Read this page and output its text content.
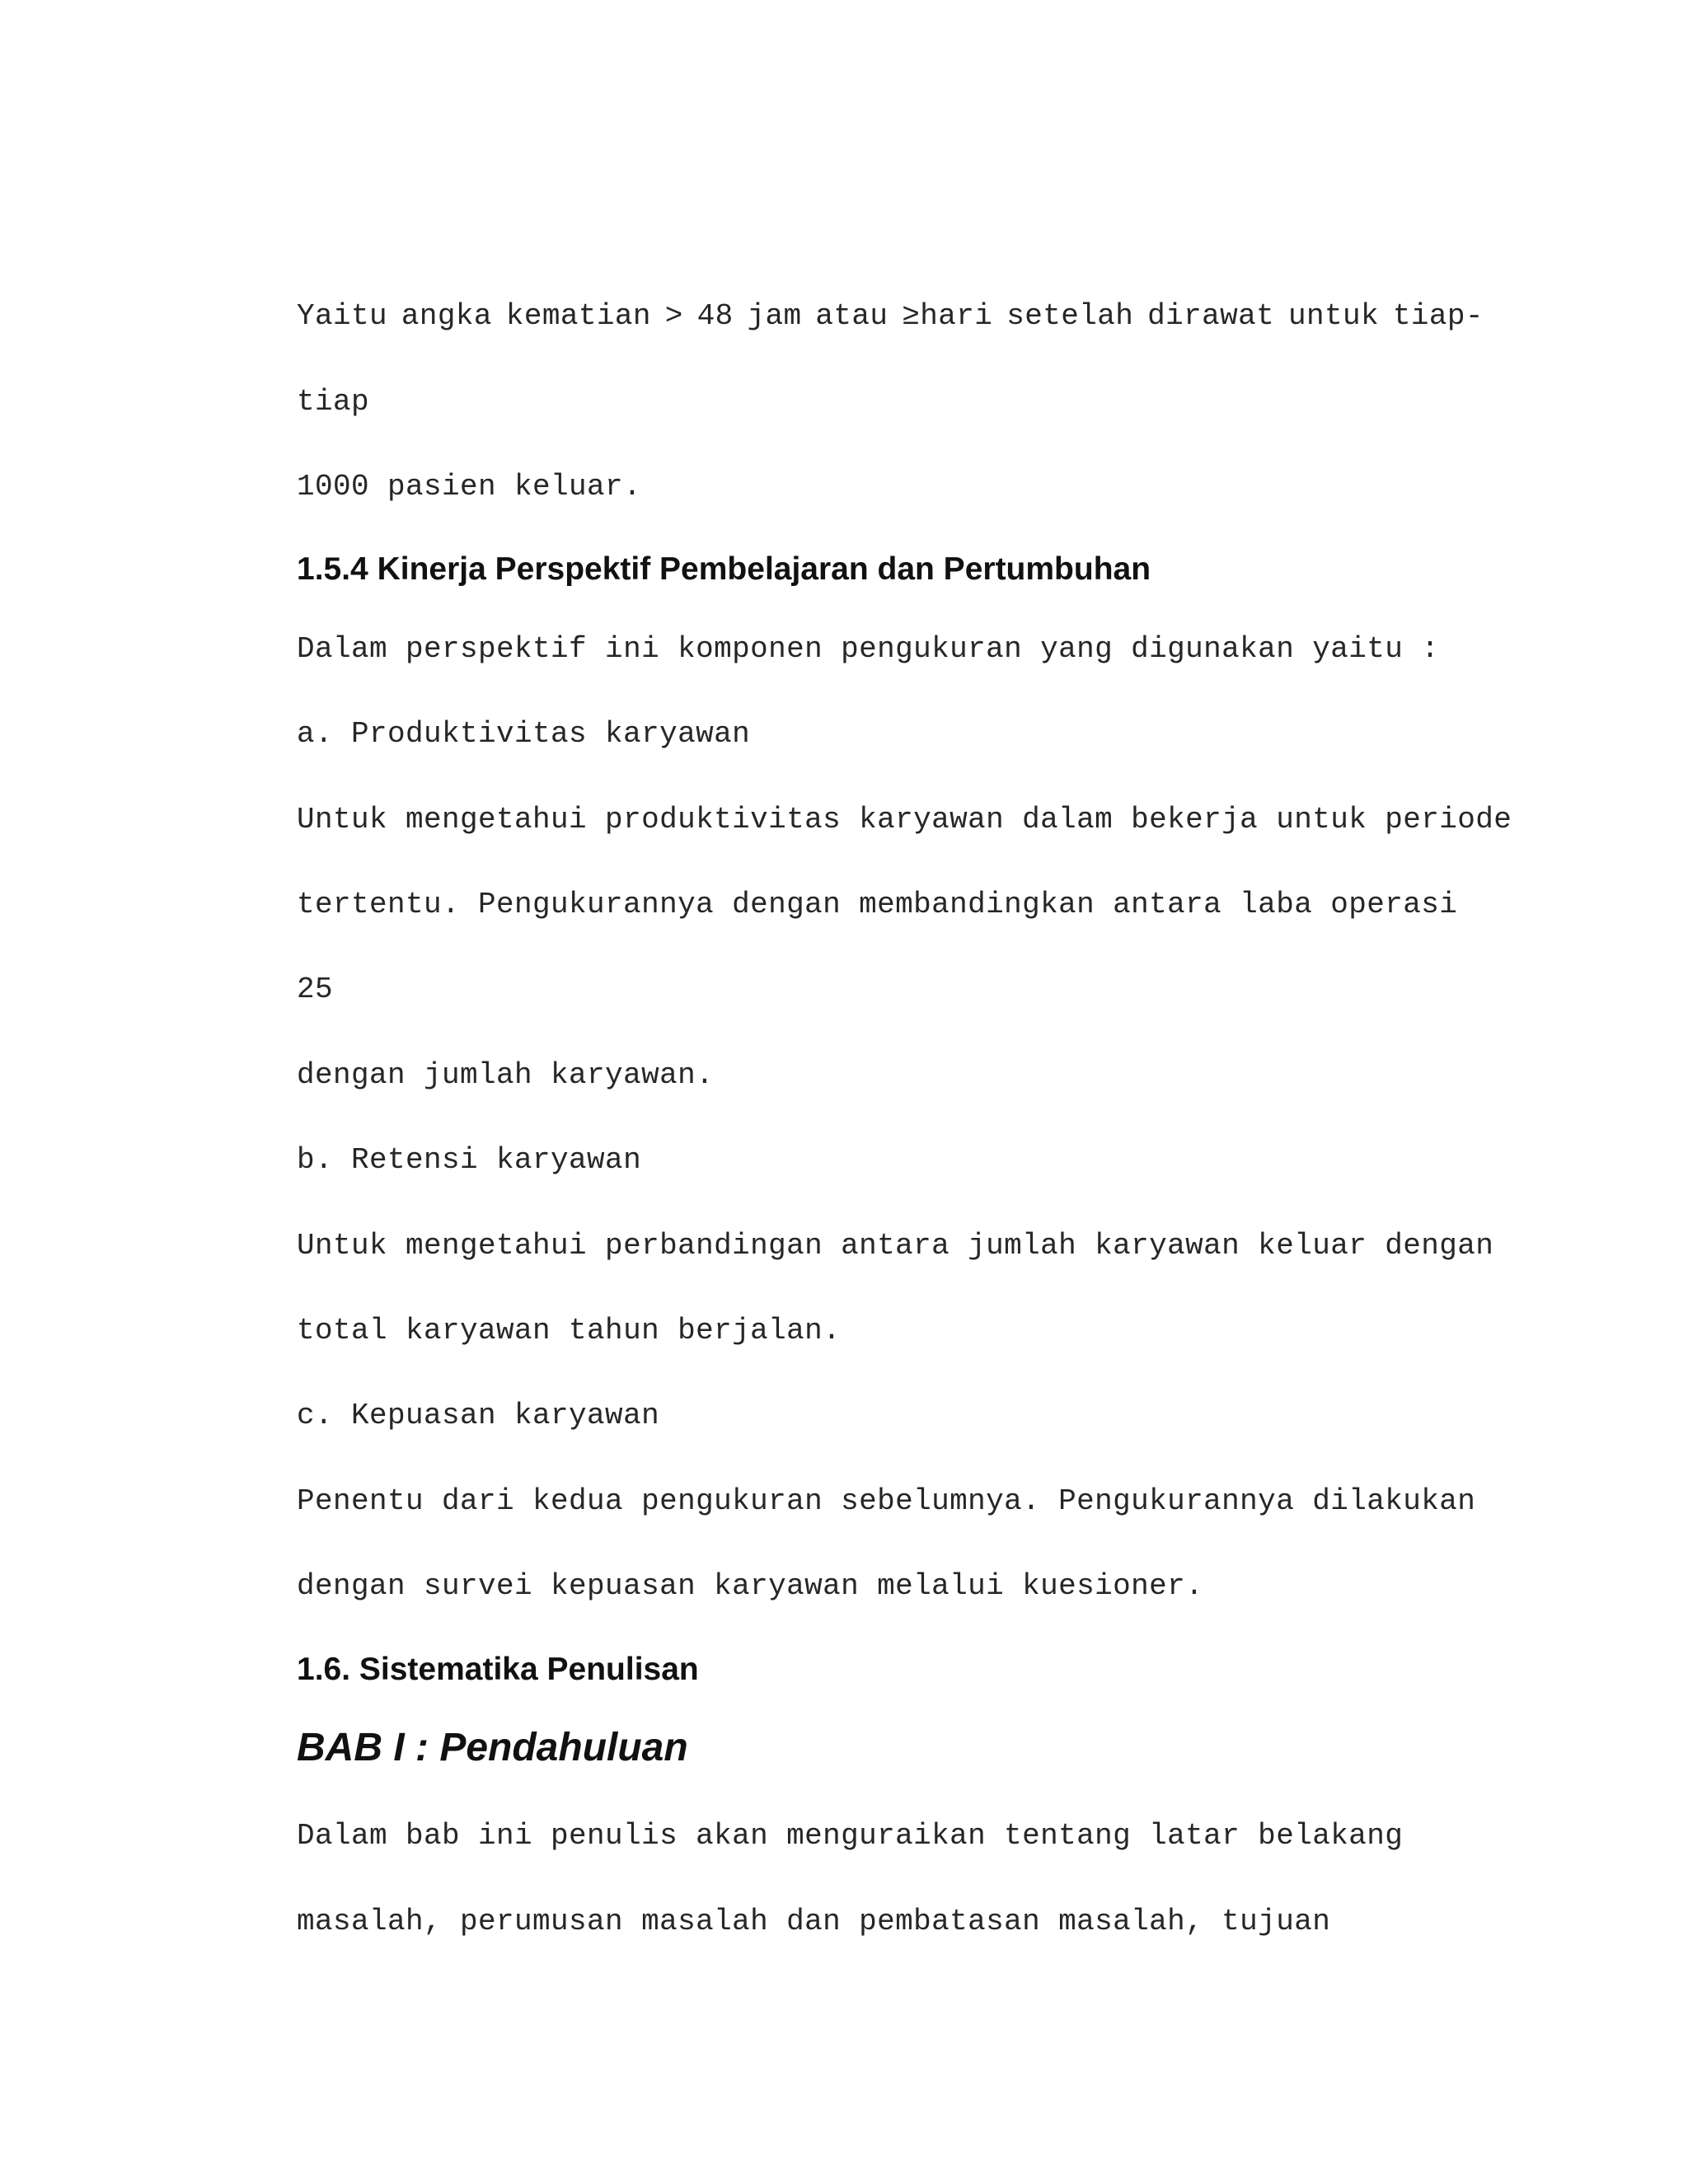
Yaitu angka kematian > 48 jam atau ≥hari setelah dirawat untuk tiap-
tiap
1000 pasien keluar.
1.5.4 Kinerja Perspektif Pembelajaran dan Pertumbuhan
Dalam perspektif ini komponen pengukuran yang digunakan yaitu :
a. Produktivitas karyawan
Untuk mengetahui produktivitas karyawan dalam bekerja untuk periode
tertentu. Pengukurannya dengan membandingkan antara laba operasi
25
dengan jumlah karyawan.
b. Retensi karyawan
Untuk mengetahui perbandingan antara jumlah karyawan keluar dengan
total karyawan tahun berjalan.
c. Kepuasan karyawan
Penentu dari kedua pengukuran sebelumnya. Pengukurannya dilakukan
dengan survei kepuasan karyawan melalui kuesioner.
1.6. Sistematika Penulisan
BAB I : Pendahuluan
Dalam bab ini penulis akan menguraikan tentang latar belakang
masalah, perumusan masalah dan pembatasan masalah, tujuan
